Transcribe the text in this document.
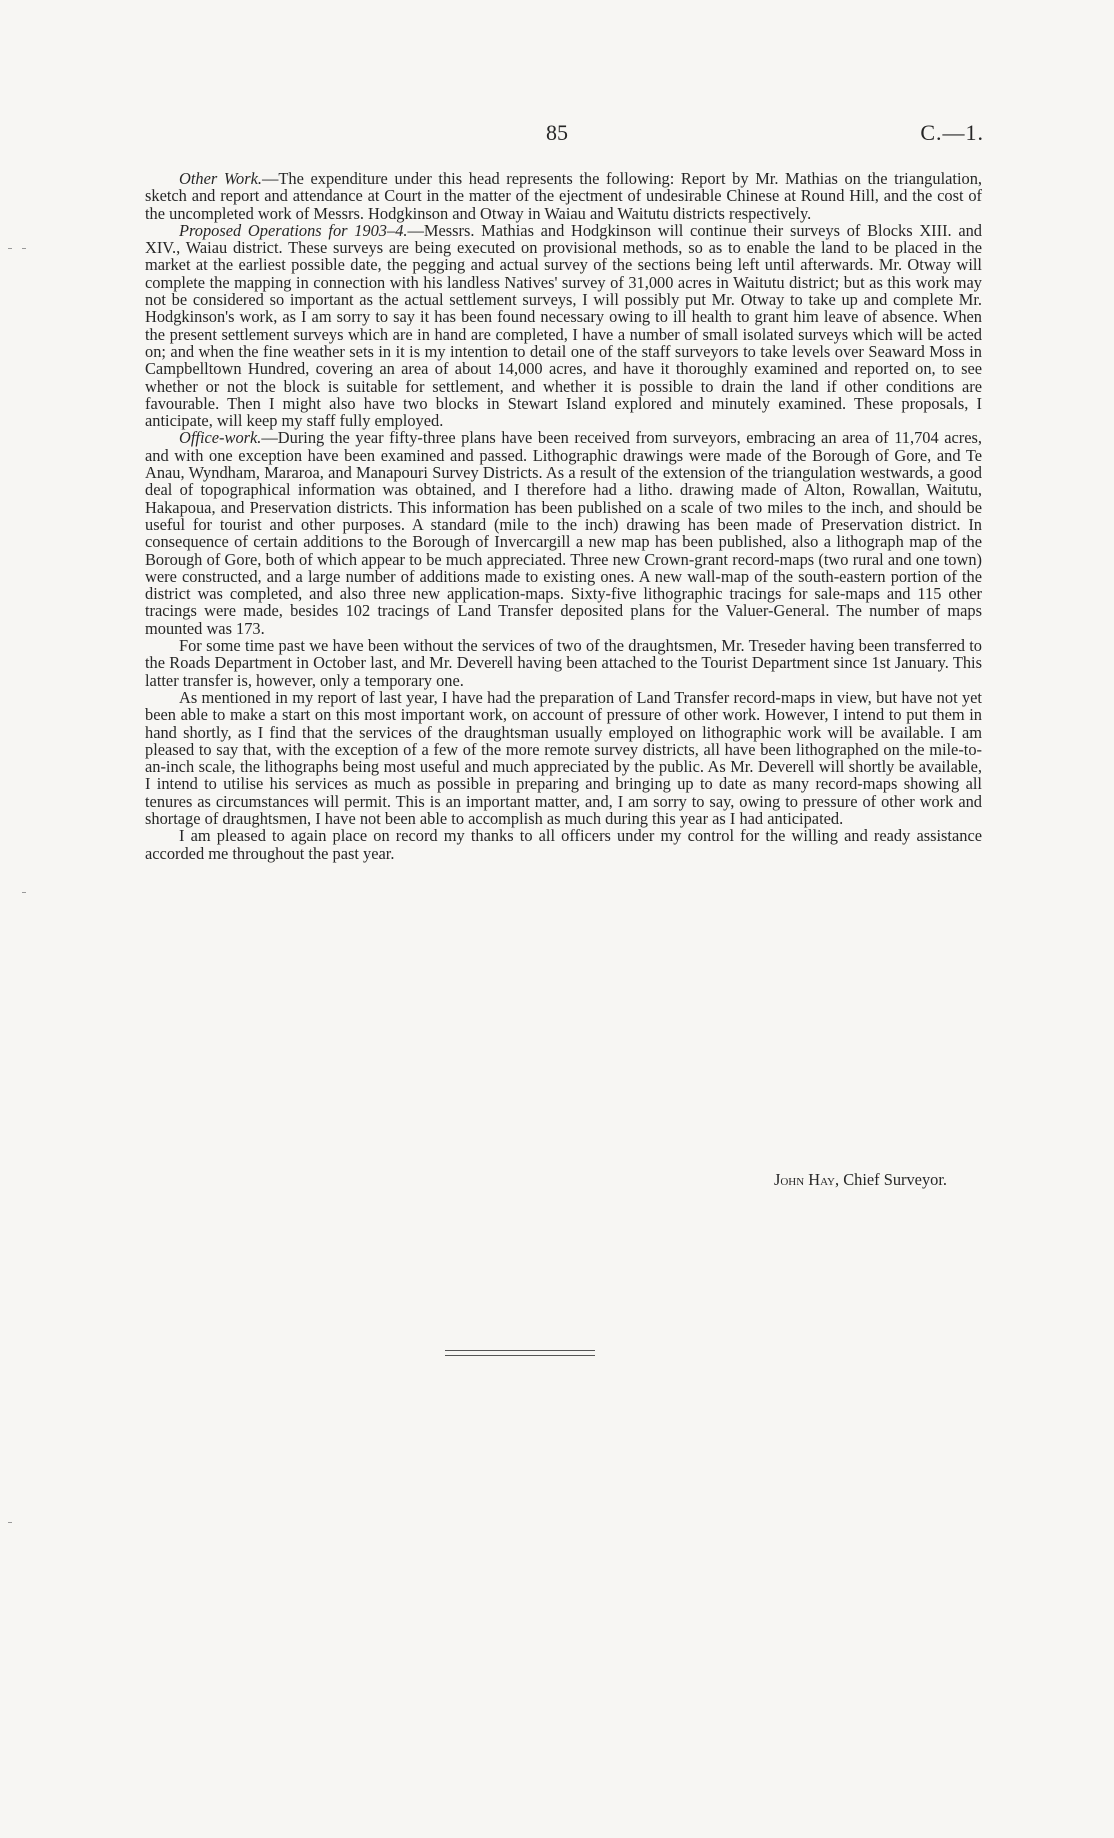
85	C.—1.

Other Work.—The expenditure under this head represents the following: Report by Mr. Mathias on the triangulation, sketch and report and attendance at Court in the matter of the ejectment of undesirable Chinese at Round Hill, and the cost of the uncompleted work of Messrs. Hodgkinson and Otway in Waiau and Waitutu districts respectively.

Proposed Operations for 1903–4.—Messrs. Mathias and Hodgkinson will continue their surveys of Blocks XIII. and XIV., Waiau district. These surveys are being executed on provisional methods, so as to enable the land to be placed in the market at the earliest possible date, the pegging and actual survey of the sections being left until afterwards. Mr. Otway will complete the mapping in connection with his landless Natives' survey of 31,000 acres in Waitutu district; but as this work may not be considered so important as the actual settlement surveys, I will possibly put Mr. Otway to take up and complete Mr. Hodgkinson's work, as I am sorry to say it has been found necessary owing to ill health to grant him leave of absence. When the present settlement surveys which are in hand are completed, I have a number of small isolated surveys which will be acted on; and when the fine weather sets in it is my intention to detail one of the staff surveyors to take levels over Seaward Moss in Campbelltown Hundred, covering an area of about 14,000 acres, and have it thoroughly examined and reported on, to see whether or not the block is suitable for settlement, and whether it is possible to drain the land if other conditions are favourable. Then I might also have two blocks in Stewart Island explored and minutely examined. These proposals, I anticipate, will keep my staff fully employed.

Office-work.—During the year fifty-three plans have been received from surveyors, embracing an area of 11,704 acres, and with one exception have been examined and passed. Lithographic drawings were made of the Borough of Gore, and Te Anau, Wyndham, Mararoa, and Manapouri Survey Districts. As a result of the extension of the triangulation westwards, a good deal of topographical information was obtained, and I therefore had a litho. drawing made of Alton, Rowallan, Waitutu, Hakapoua, and Preservation districts. This information has been published on a scale of two miles to the inch, and should be useful for tourist and other purposes. A standard (mile to the inch) drawing has been made of Preservation district. In consequence of certain additions to the Borough of Invercargill a new map has been published, also a lithograph map of the Borough of Gore, both of which appear to be much appreciated. Three new Crown-grant record-maps (two rural and one town) were constructed, and a large number of additions made to existing ones. A new wall-map of the south-eastern portion of the district was completed, and also three new application-maps. Sixty-five lithographic tracings for sale-maps and 115 other tracings were made, besides 102 tracings of Land Transfer deposited plans for the Valuer-General. The number of maps mounted was 173.

For some time past we have been without the services of two of the draughtsmen, Mr. Treseder having been transferred to the Roads Department in October last, and Mr. Deverell having been attached to the Tourist Department since 1st January. This latter transfer is, however, only a temporary one.

As mentioned in my report of last year, I have had the preparation of Land Transfer record-maps in view, but have not yet been able to make a start on this most important work, on account of pressure of other work. However, I intend to put them in hand shortly, as I find that the services of the draughtsman usually employed on lithographic work will be available. I am pleased to say that, with the exception of a few of the more remote survey districts, all have been lithographed on the mile-to-an-inch scale, the lithographs being most useful and much appreciated by the public. As Mr. Deverell will shortly be available, I intend to utilise his services as much as possible in preparing and bringing up to date as many record-maps showing all tenures as circumstances will permit. This is an important matter, and, I am sorry to say, owing to pressure of other work and shortage of draughtsmen, I have not been able to accomplish as much during this year as I had anticipated.

I am pleased to again place on record my thanks to all officers under my control for the willing and ready assistance accorded me throughout the past year.

John Hay, Chief Surveyor.
